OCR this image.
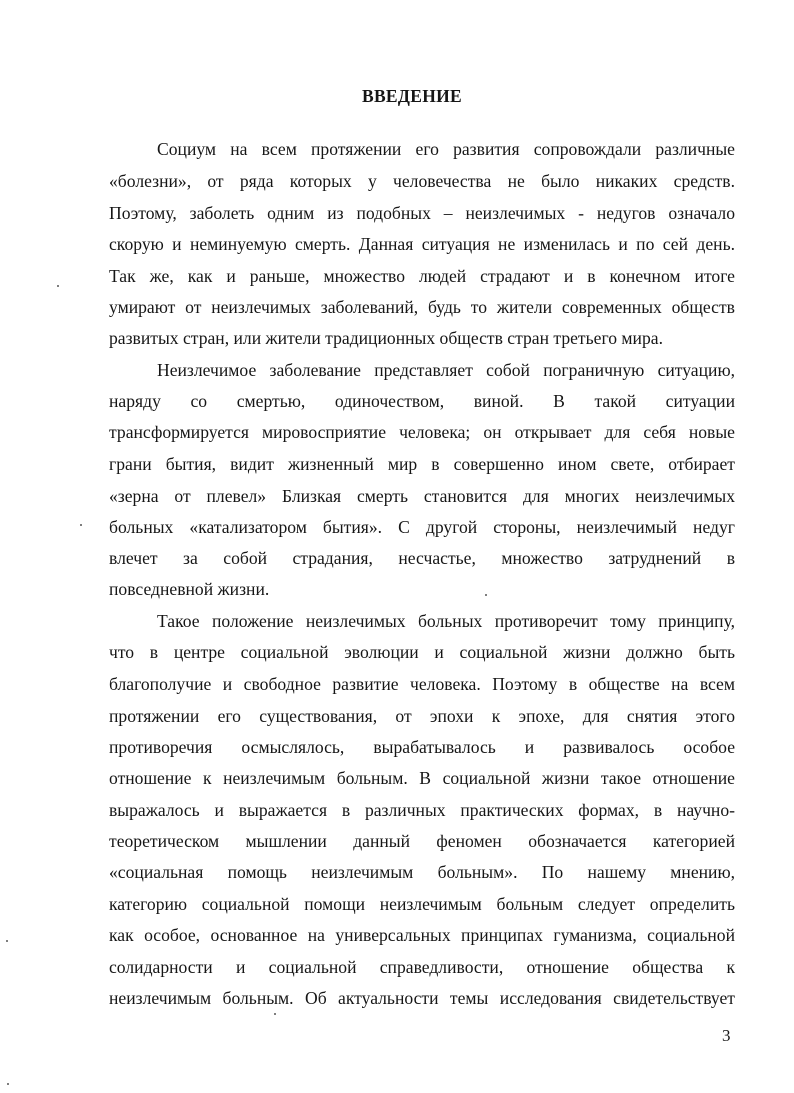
ВВЕДЕНИЕ
Социум на всем протяжении его развития сопровождали различные
«болезни», от ряда которых у человечества не было никаких средств.
Поэтому, заболеть одним из подобных – неизлечимых - недугов означало
скорую и неминуемую смерть. Данная ситуация не изменилась и по сей день.
Так же, как и раньше, множество людей страдают и в конечном итоге
умирают от неизлечимых заболеваний, будь то жители современных обществ
развитых стран, или жители традиционных обществ стран третьего мира.
Неизлечимое заболевание представляет собой пограничную ситуацию,
наряду со смертью, одиночеством, виной. В такой ситуации
трансформируется мировосприятие человека; он открывает для себя новые
грани бытия, видит жизненный мир в совершенно ином свете, отбирает
«зерна от плевел» Близкая смерть становится для многих неизлечимых
больных «катализатором бытия». С другой стороны, неизлечимый недуг
влечет за собой страдания, несчастье, множество затруднений в
повседневной жизни.
Такое положение неизлечимых больных противоречит тому принципу,
что в центре социальной эволюции и социальной жизни должно быть
благополучие и свободное развитие человека. Поэтому в обществе на всем
протяжении его существования, от эпохи к эпохе, для снятия этого
противоречия осмыслялось, вырабатывалось и развивалось особое
отношение к неизлечимым больным. В социальной жизни такое отношение
выражалось и выражается в различных практических формах, в научно-
теоретическом мышлении данный феномен обозначается категорией
«социальная помощь неизлечимым больным». По нашему мнению,
категорию социальной помощи неизлечимым больным следует определить
как особое, основанное на универсальных принципах гуманизма, социальной
солидарности и социальной справедливости, отношение общества к
неизлечимым больным. Об актуальности темы исследования свидетельствует
3
